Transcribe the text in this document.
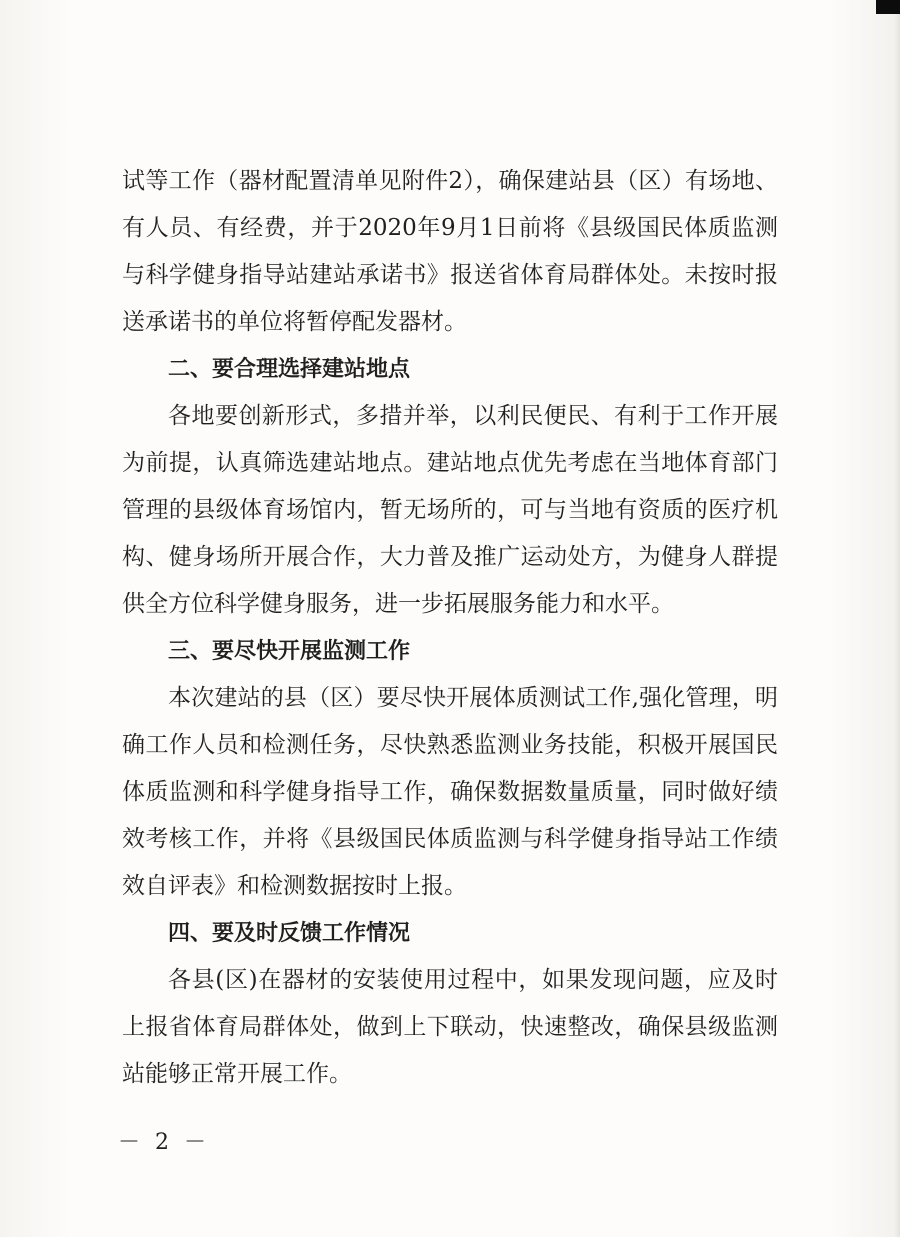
试等工作（器材配置清单见附件2），确保建站县（区）有场地、有人员、有经费，并于2020年9月1日前将《县级国民体质监测与科学健身指导站建站承诺书》报送省体育局群体处。未按时报送承诺书的单位将暂停配发器材。

二、要合理选择建站地点

各地要创新形式，多措并举，以利民便民、有利于工作开展为前提，认真筛选建站地点。建站地点优先考虑在当地体育部门管理的县级体育场馆内，暂无场所的，可与当地有资质的医疗机构、健身场所开展合作，大力普及推广运动处方，为健身人群提供全方位科学健身服务，进一步拓展服务能力和水平。

三、要尽快开展监测工作

本次建站的县（区）要尽快开展体质测试工作,强化管理，明确工作人员和检测任务，尽快熟悉监测业务技能，积极开展国民体质监测和科学健身指导工作，确保数据数量质量，同时做好绩效考核工作，并将《县级国民体质监测与科学健身指导站工作绩效自评表》和检测数据按时上报。

四、要及时反馈工作情况

各县(区)在器材的安装使用过程中，如果发现问题，应及时上报省体育局群体处，做到上下联动，快速整改，确保县级监测站能够正常开展工作。

－ 2 －
